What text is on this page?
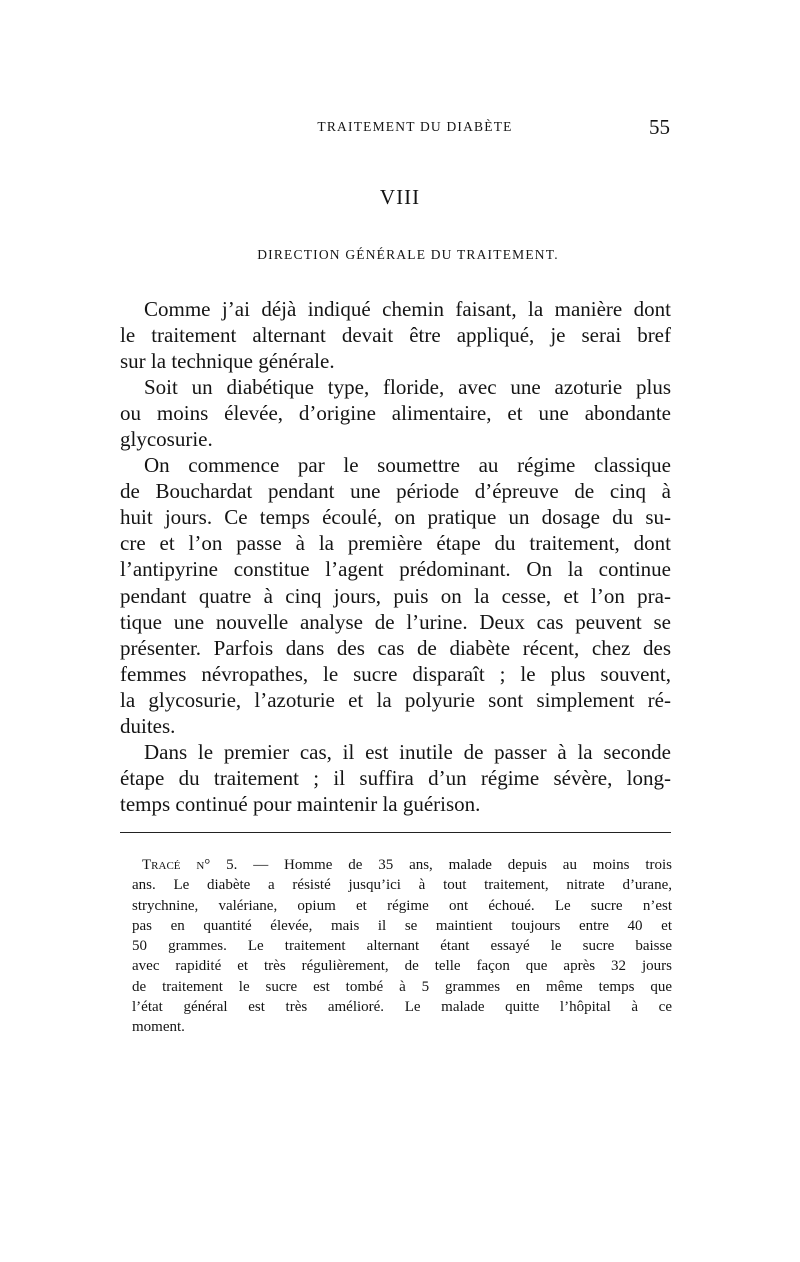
TRAITEMENT DU DIABÈTE	55
VIII
DIRECTION GÉNÉRALE DU TRAITEMENT.
Comme j’ai déjà indiqué chemin faisant, la manière dont
le traitement alternant devait être appliqué, je serai bref
sur la technique générale.
Soit un diabétique type, floride, avec une azoturie plus
ou moins élevée, d’origine alimentaire, et une abondante
glycosurie.
On commence par le soumettre au régime classique
de Bouchardat pendant une période d’épreuve de cinq à
huit jours. Ce temps écoulé, on pratique un dosage du su-
cre et l’on passe à la première étape du traitement, dont
l’antipyrine constitue l’agent prédominant. On la continue
pendant quatre à cinq jours, puis on la cesse, et l’on pra-
tique une nouvelle analyse de l’urine. Deux cas peuvent se
présenter. Parfois dans des cas de diabète récent, chez des
femmes névropathes, le sucre disparaît ; le plus souvent,
la glycosurie, l’azoturie et la polyurie sont simplement ré-
duites.
Dans le premier cas, il est inutile de passer à la seconde
étape du traitement ; il suffira d’un régime sévère, long-
temps continué pour maintenir la guérison.
Tracé n° 5. — Homme de 35 ans, malade depuis au moins trois
ans. Le diabète a résisté jusqu’ici à tout traitement, nitrate d’urane,
strychnine, valériane, opium et régime ont échoué. Le sucre n’est
pas en quantité élevée, mais il se maintient toujours entre 40 et
50 grammes. Le traitement alternant étant essayé le sucre baisse
avec rapidité et très régulièrement, de telle façon que après 32 jours
de traitement le sucre est tombé à 5 grammes en même temps que
l’état général est très amélioré. Le malade quitte l’hôpital à ce
moment.
